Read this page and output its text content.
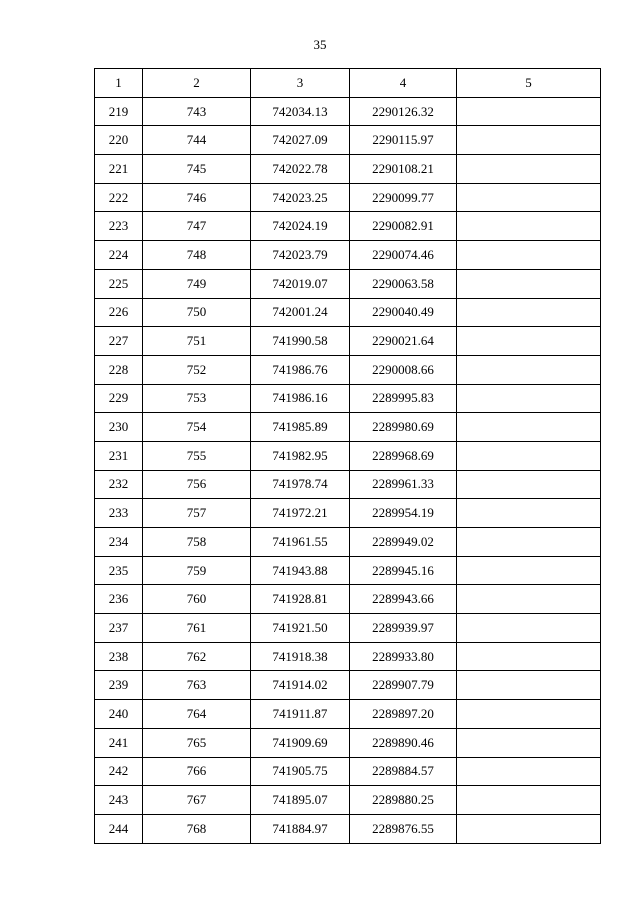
35
1	2	3	4	5
219	743	742034.13	2290126.32	
220	744	742027.09	2290115.97	
221	745	742022.78	2290108.21	
222	746	742023.25	2290099.77	
223	747	742024.19	2290082.91	
224	748	742023.79	2290074.46	
225	749	742019.07	2290063.58	
226	750	742001.24	2290040.49	
227	751	741990.58	2290021.64	
228	752	741986.76	2290008.66	
229	753	741986.16	2289995.83	
230	754	741985.89	2289980.69	
231	755	741982.95	2289968.69	
232	756	741978.74	2289961.33	
233	757	741972.21	2289954.19	
234	758	741961.55	2289949.02	
235	759	741943.88	2289945.16	
236	760	741928.81	2289943.66	
237	761	741921.50	2289939.97	
238	762	741918.38	2289933.80	
239	763	741914.02	2289907.79	
240	764	741911.87	2289897.20	
241	765	741909.69	2289890.46	
242	766	741905.75	2289884.57	
243	767	741895.07	2289880.25	
244	768	741884.97	2289876.55	
